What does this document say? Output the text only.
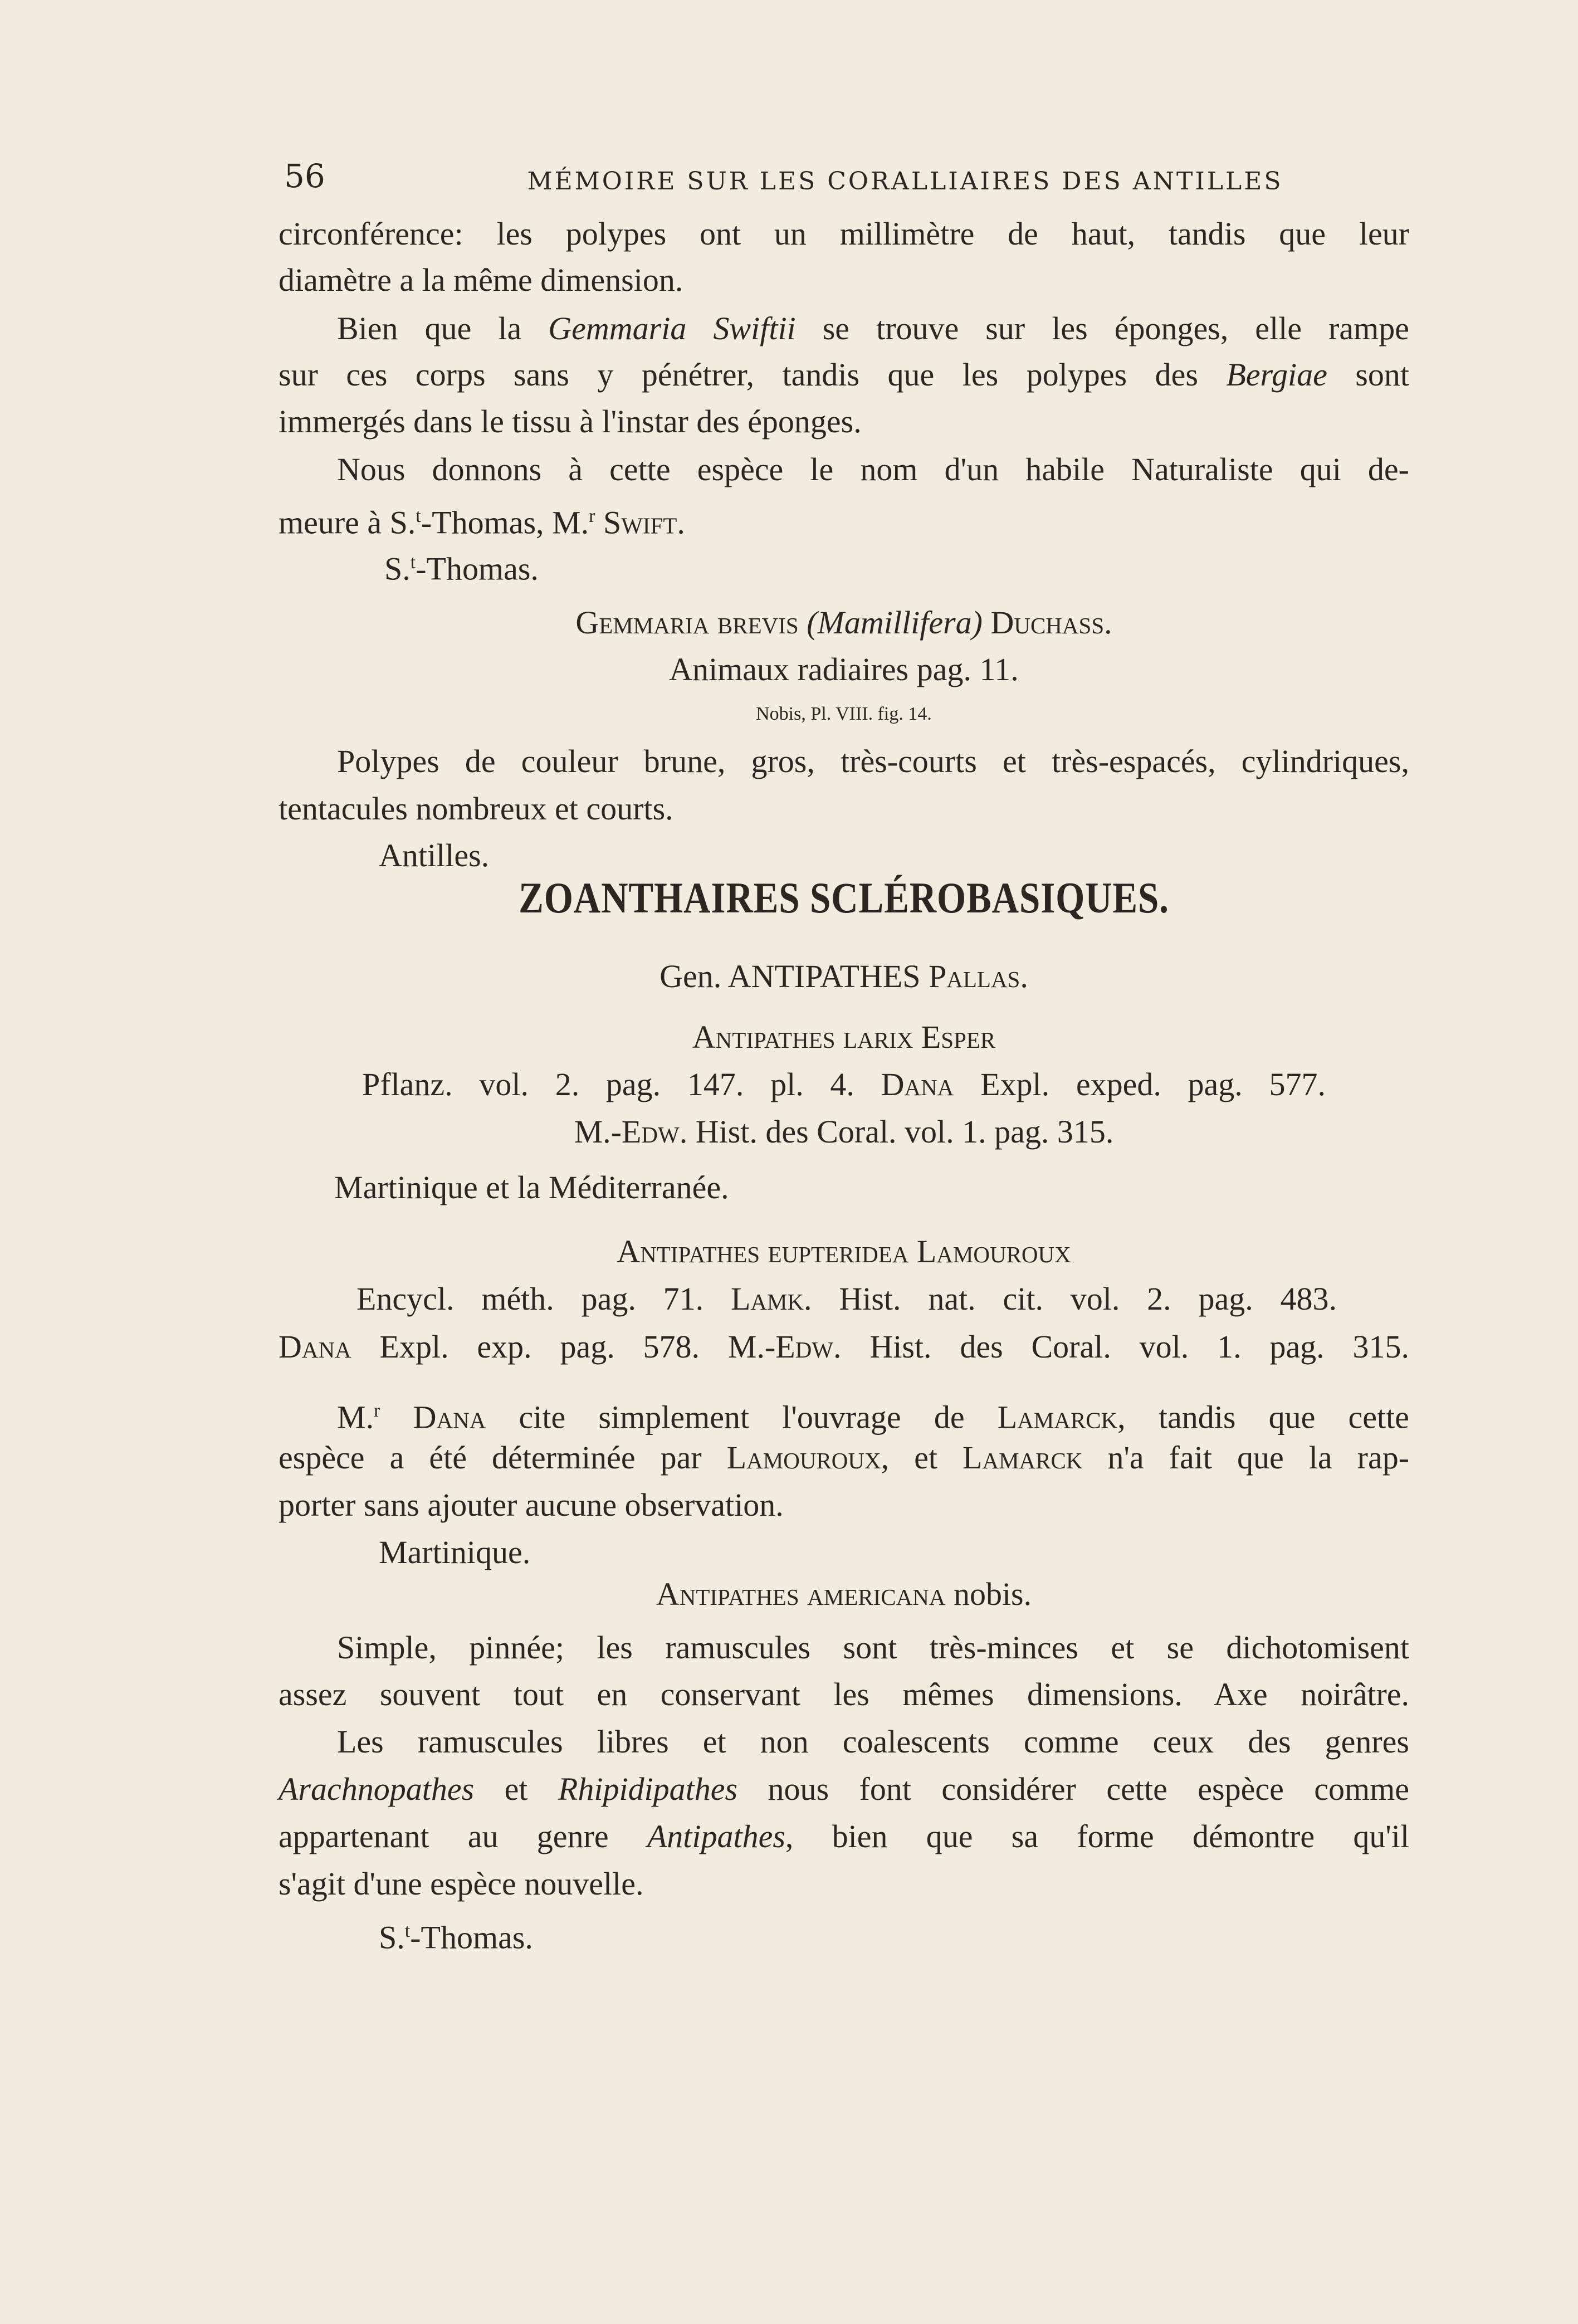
56	MÉMOIRE SUR LES CORALLIAIRES DES ANTILLES
circonférence: les polypes ont un millimètre de haut, tandis que leur
diamètre a la même dimension.
Bien que la Gemmaria Swiftii se trouve sur les éponges, elle rampe
sur ces corps sans y pénétrer, tandis que les polypes des Bergiae sont
immergés dans le tissu à l'instar des éponges.
Nous donnons à cette espèce le nom d'un habile Naturaliste qui de-
meure à S.$^t$-Thomas, M.$^r$ Swift.
S.$^t$-Thomas.
Gemmaria brevis (Mamillifera) Duchass.
Animaux radiaires pag. 11.
Nobis, Pl. VIII. fig. 14.
Polypes de couleur brune, gros, très-courts et très-espacés, cylindriques,
tentacules nombreux et courts.
Antilles.
ZOANTHAIRES SCLÉROBASIQUES.
Gen. ANTIPATHES Pallas.
Antipathes larix Esper
Pflanz. vol. 2. pag. 147. pl. 4. Dana Expl. exped. pag. 577.
M.-Edw. Hist. des Coral. vol. 1. pag. 315.
Martinique et la Méditerranée.
Antipathes eupteridea Lamouroux
Encycl. méth. pag. 71. Lamk. Hist. nat. cit. vol. 2. pag. 483.
Dana Expl. exp. pag. 578. M.-Edw. Hist. des Coral. vol. 1. pag. 315.
M.$^r$ Dana cite simplement l'ouvrage de Lamarck, tandis que cette
espèce a été déterminée par Lamouroux, et Lamarck n'a fait que la rap-
porter sans ajouter aucune observation.
Martinique.
Antipathes americana nobis.
Simple, pinnée; les ramuscules sont très-minces et se dichotomisent
assez souvent tout en conservant les mêmes dimensions. Axe noirâtre.
Les ramuscules libres et non coalescents comme ceux des genres
Arachnopathes et Rhipidipathes nous font considérer cette espèce comme
appartenant au genre Antipathes, bien que sa forme démontre qu'il
s'agit d'une espèce nouvelle.
S.$^t$-Thomas.
